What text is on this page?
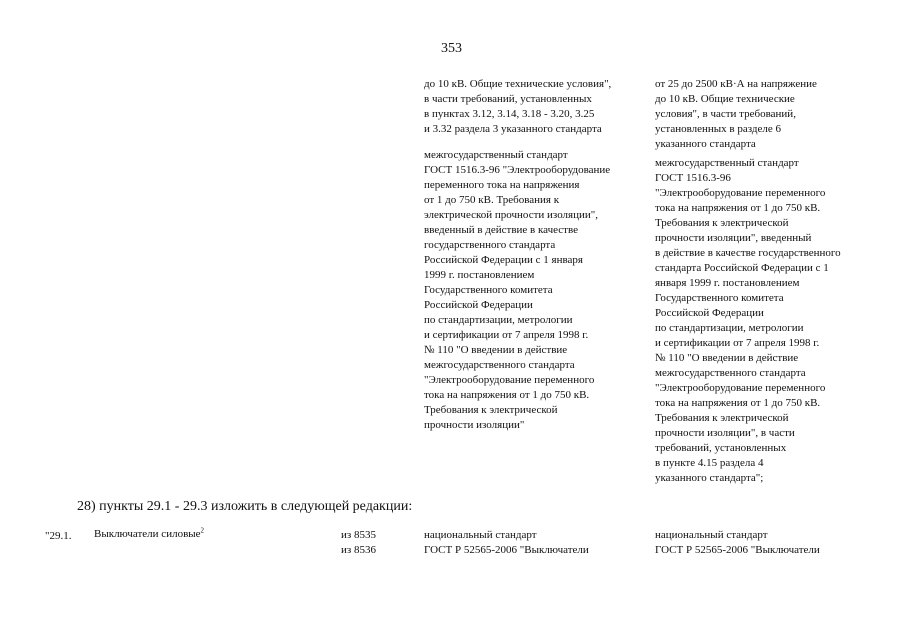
353
до 10 кВ. Общие технические условия",
в части требований, установленных
в пунктах 3.12, 3.14, 3.18 - 3.20, 3.25
и 3.32 раздела 3 указанного стандарта
межгосударственный стандарт
ГОСТ 1516.3-96 "Электрооборудование
переменного тока на напряжения
от 1 до 750 кВ. Требования к
электрической прочности изоляции",
введенный в действие в качестве
государственного стандарта
Российской Федерации с 1 января
1999 г. постановлением
Государственного комитета
Российской Федерации
по стандартизации, метрологии
и сертификации от 7 апреля 1998 г.
№ 110 "О введении в действие
межгосударственного стандарта
"Электрооборудование переменного
тока на напряжения от 1 до 750 кВ.
Требования к электрической
прочности изоляции"
от 25 до 2500 кВ·А на напряжение
до 10 кВ. Общие технические
условия", в части требований,
установленных в разделе 6
указанного стандарта
межгосударственный стандарт
ГОСТ 1516.3-96
"Электрооборудование переменного
тока на напряжения от 1 до 750 кВ.
Требования к электрической
прочности изоляции", введенный
в действие в качестве государственного
стандарта Российской Федерации с 1
января 1999 г. постановлением
Государственного комитета
Российской Федерации
по стандартизации, метрологии
и сертификации от 7 апреля 1998 г.
№ 110 "О введении в действие
межгосударственного стандарта
"Электрооборудование переменного
тока на напряжения от 1 до 750 кВ.
Требования к электрической
прочности изоляции", в части
требований, установленных
в пункте 4.15 раздела 4
указанного стандарта";
28) пункты 29.1 - 29.3 изложить в следующей редакции:
"29.1. Выключатели силовые$^2$	из 8535
из 8536
национальный стандарт
ГОСТ Р 52565-2006 "Выключатели
национальный стандарт
ГОСТ Р 52565-2006 "Выключатели
